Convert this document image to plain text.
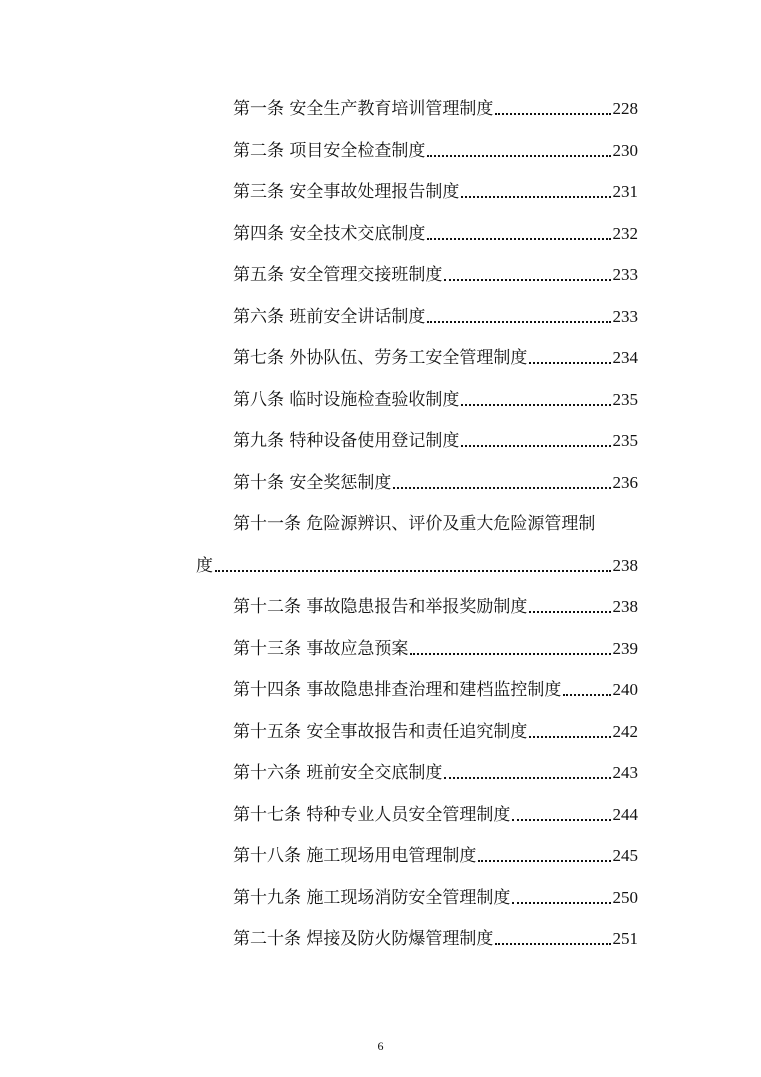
第一条 安全生产教育培训管理制度	228
第二条 项目安全检查制度	230
第三条 安全事故处理报告制度	231
第四条 安全技术交底制度	232
第五条 安全管理交接班制度	233
第六条 班前安全讲话制度	233
第七条 外协队伍、劳务工安全管理制度	234
第八条 临时设施检查验收制度	235
第九条 特种设备使用登记制度	235
第十条 安全奖惩制度	236
第十一条 危险源辨识、评价及重大危险源管理制
度	238
第十二条 事故隐患报告和举报奖励制度	238
第十三条 事故应急预案	239
第十四条 事故隐患排查治理和建档监控制度	240
第十五条 安全事故报告和责任追究制度	242
第十六条 班前安全交底制度	243
第十七条 特种专业人员安全管理制度	244
第十八条 施工现场用电管理制度	245
第十九条 施工现场消防安全管理制度	250
第二十条 焊接及防火防爆管理制度	251
6
